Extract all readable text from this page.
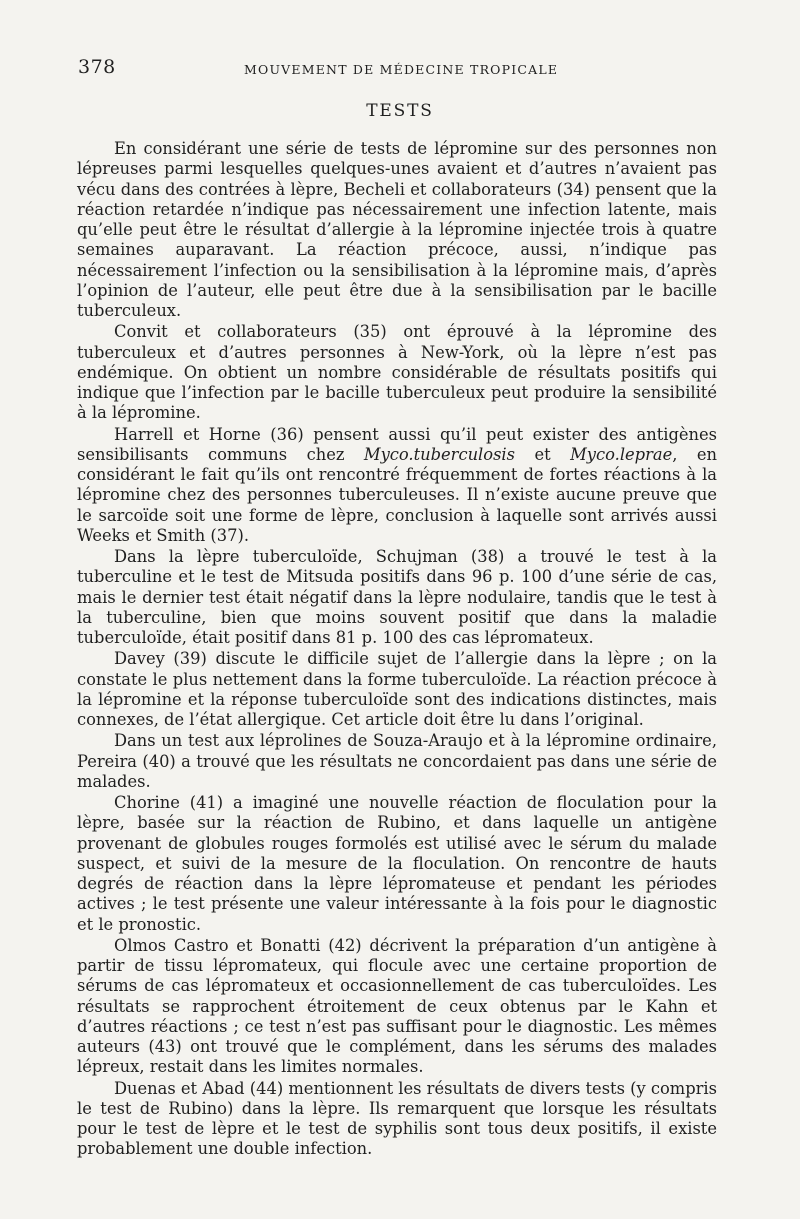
378	MOUVEMENT DE MÉDECINE TROPICALE
TESTS

En considérant une série de tests de lépromine sur des personnes non lépreuses parmi lesquelles quelques-unes avaient et d’autres n’avaient pas vécu dans des contrées à lèpre, Becheli et collaborateurs (34) pensent que la réaction retardée n’indique pas nécessairement une infection latente, mais qu’elle peut être le résultat d’allergie à la lépromine injectée trois à quatre semaines auparavant. La réaction précoce, aussi, n’indique pas nécessairement l’infection ou la sensibilisation à la lépromine mais, d’après l’opinion de l’auteur, elle peut être due à la sensibilisation par le bacille tuberculeux.

Convit et collaborateurs (35) ont éprouvé à la lépromine des tuberculeux et d’autres personnes à New-York, où la lèpre n’est pas endémique. On obtient un nombre considérable de résultats positifs qui indique que l’infection par le bacille tuberculeux peut produire la sensibilité à la lépromine.

Harrell et Horne (36) pensent aussi qu’il peut exister des antigènes sensibilisants communs chez Myco.tuberculosis et Myco.leprae, en considérant le fait qu’ils ont rencontré fréquemment de fortes réactions à la lépromine chez des personnes tuberculeuses. Il n’existe aucune preuve que le sarcoïde soit une forme de lèpre, conclusion à laquelle sont arrivés aussi Weeks et Smith (37).

Dans la lèpre tuberculoïde, Schujman (38) a trouvé le test à la tuberculine et le test de Mitsuda positifs dans 96 p. 100 d’une série de cas, mais le dernier test était négatif dans la lèpre nodulaire, tandis que le test à la tuberculine, bien que moins souvent positif que dans la maladie tuberculoïde, était positif dans 81 p. 100 des cas lépromateux.

Davey (39) discute le difficile sujet de l’allergie dans la lèpre ; on la constate le plus nettement dans la forme tuberculoïde. La réaction précoce à la lépromine et la réponse tuberculoïde sont des indications distinctes, mais connexes, de l’état allergique. Cet article doit être lu dans l’original.

Dans un test aux léprolines de Souza-Araujo et à la lépromine ordinaire, Pereira (40) a trouvé que les résultats ne concordaient pas dans une série de malades.

Chorine (41) a imaginé une nouvelle réaction de floculation pour la lèpre, basée sur la réaction de Rubino, et dans laquelle un antigène provenant de globules rouges formolés est utilisé avec le sérum du malade suspect, et suivi de la mesure de la floculation. On rencontre de hauts degrés de réaction dans la lèpre lépromateuse et pendant les périodes actives ; le test présente une valeur intéressante à la fois pour le diagnostic et le pronostic.

Olmos Castro et Bonatti (42) décrivent la préparation d’un antigène à partir de tissu lépromateux, qui flocule avec une certaine proportion de sérums de cas lépromateux et occasionnellement de cas tuberculoïdes. Les résultats se rapprochent étroitement de ceux obtenus par le Kahn et d’autres réactions ; ce test n’est pas suffisant pour le diagnostic. Les mêmes auteurs (43) ont trouvé que le complément, dans les sérums des malades lépreux, restait dans les limites normales.

Duenas et Abad (44) mentionnent les résultats de divers tests (y compris le test de Rubino) dans la lèpre. Ils remarquent que lorsque les résultats pour le test de lèpre et le test de syphilis sont tous deux positifs, il existe probablement une double infection.
